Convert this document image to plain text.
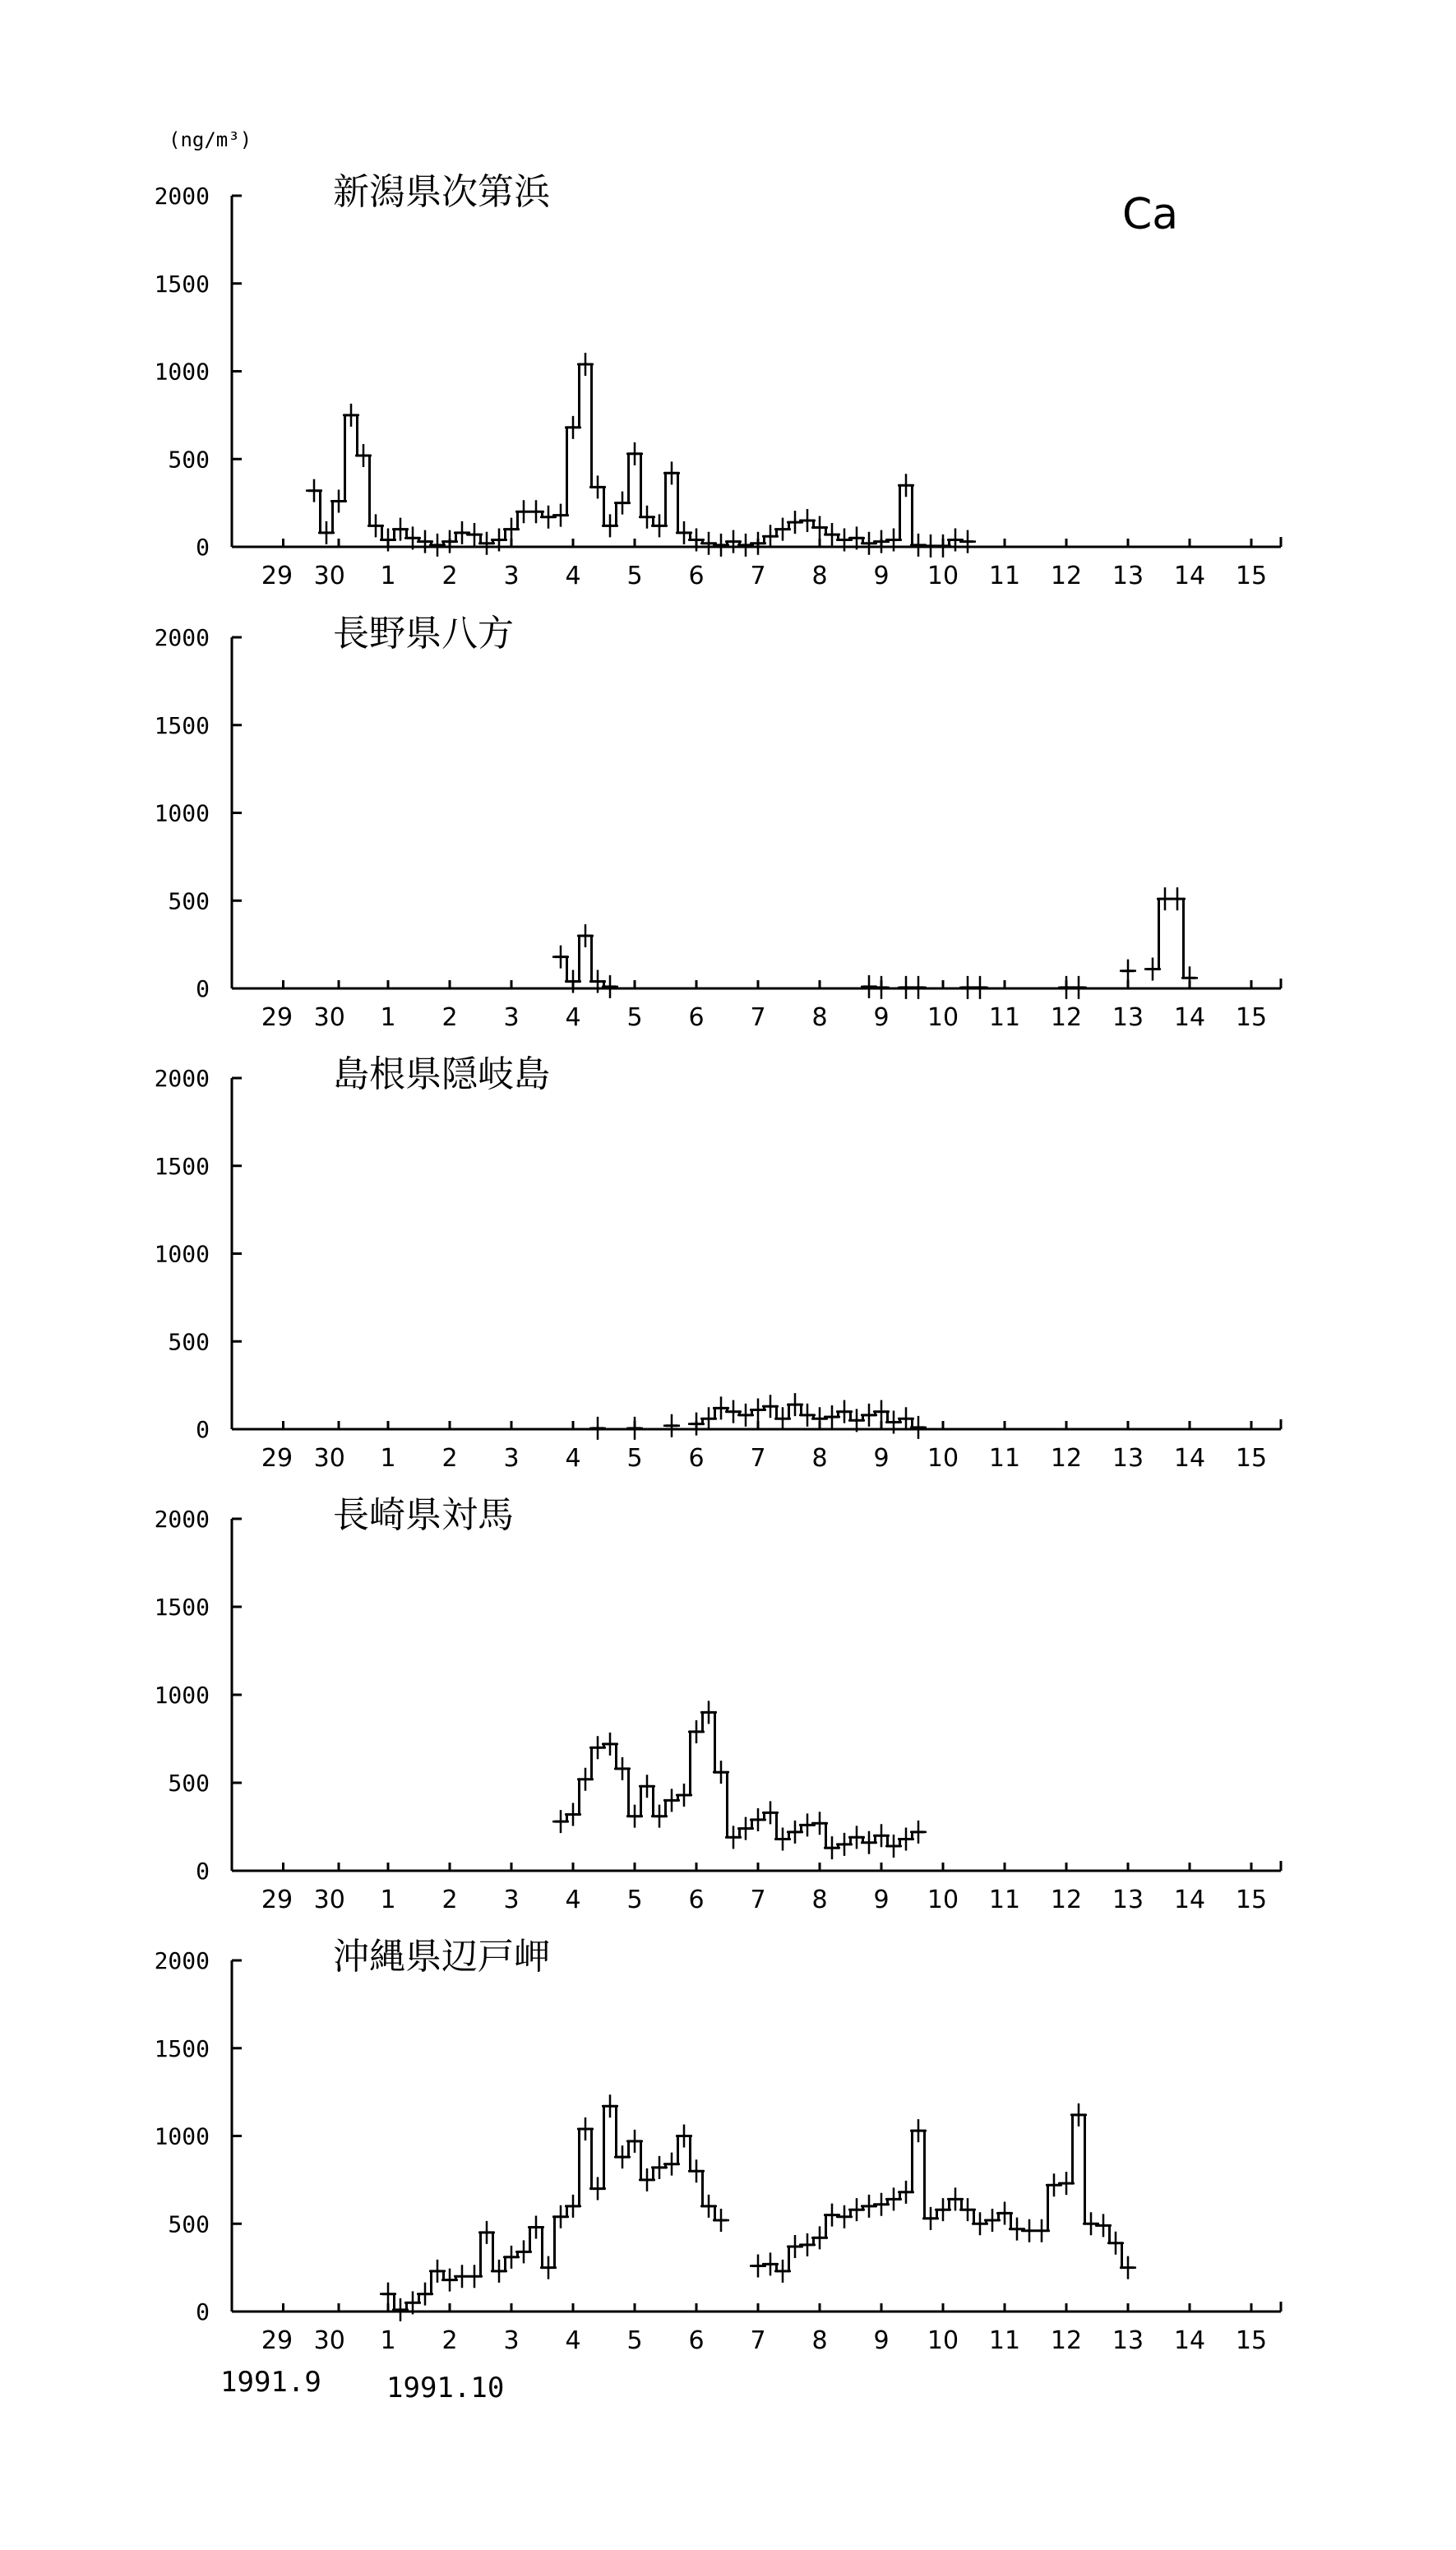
(ng/m³)
Ca
新潟県次第浜
0
500
1000
1500
2000
29 30 1 2 3 4 5 6 7 8 9 10 11 12 13 14 15
長野県八方
0
500
1000
1500
2000
29 30 1 2 3 4 5 6 7 8 9 10 11 12 13 14 15
島根県隠岐島
0
500
1000
1500
2000
29 30 1 2 3 4 5 6 7 8 9 10 11 12 13 14 15
長崎県対馬
0
500
1000
1500
2000
29 30 1 2 3 4 5 6 7 8 9 10 11 12 13 14 15
沖縄県辺戸岬
0
500
1000
1500
2000
29 30 1 2 3 4 5 6 7 8 9 10 11 12 13 14 15
1991.9 1991.10
